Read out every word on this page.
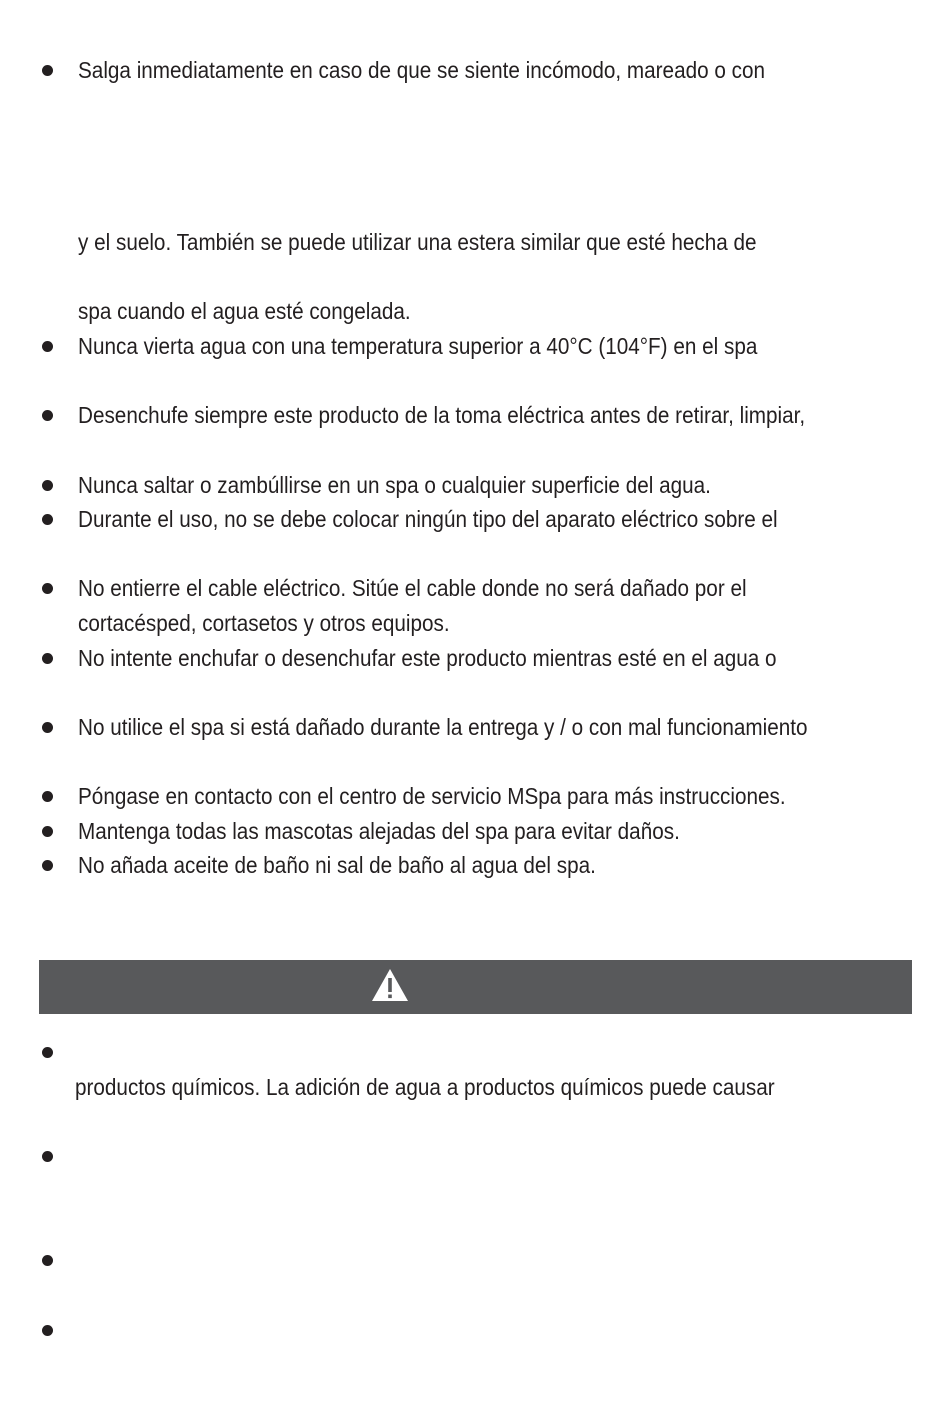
Salga inmediatamente en caso de que se siente incómodo, mareado o con
y el suelo. También se puede utilizar una estera similar que esté hecha de
spa cuando el agua esté congelada.
Nunca vierta agua con una temperatura superior a 40°C (104°F) en el spa
Desenchufe siempre este producto de la toma eléctrica antes de retirar, limpiar,
Nunca saltar o zambúllirse en un spa o cualquier superficie del agua.
Durante el uso, no se debe colocar ningún tipo del aparato eléctrico sobre el
No entierre el cable eléctrico. Sitúe el cable donde no será dañado por el
cortacésped, cortasetos y otros equipos.
No intente enchufar o desenchufar este producto mientras esté en el agua o
No utilice el spa si está dañado durante la entrega y / o con mal funcionamiento
Póngase en contacto con el centro de servicio MSpa para más instrucciones.
Mantenga todas las mascotas alejadas del spa para evitar daños.
No añada aceite de baño ni sal de baño al agua del spa.
productos químicos. La adición de agua a productos químicos puede causar
